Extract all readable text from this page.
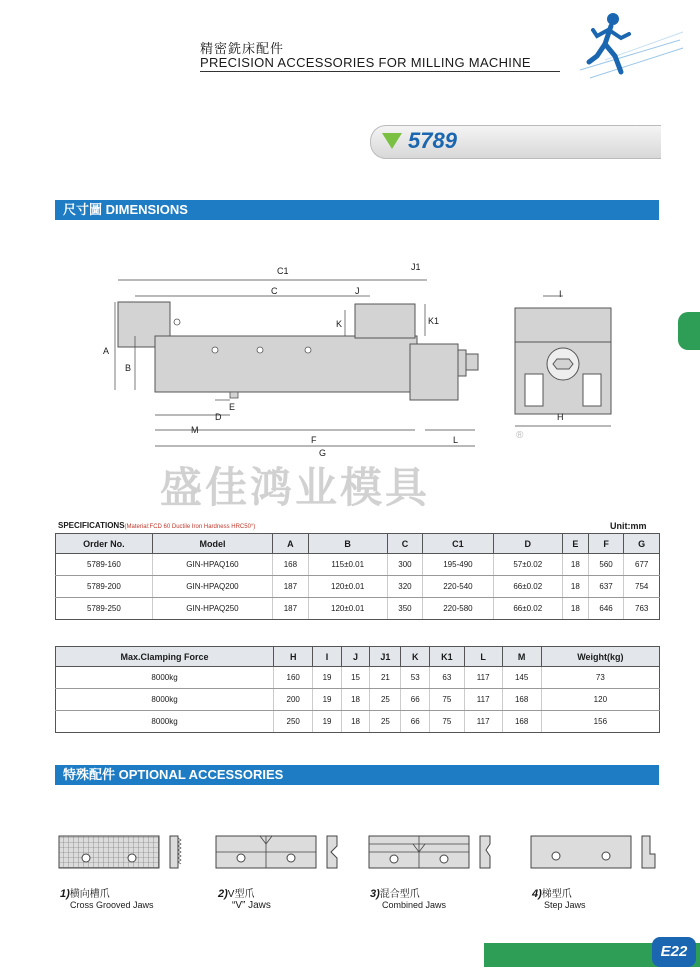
精密銑床配件
PRECISION ACCESSORIES FOR MILLING MACHINE
5789
尺寸圖 DIMENSIONS
C1	J1
C	J
K	K1
A
B
D
E
M
F
G
L
I
H
盛佳鸿业模具
®
SPECIFICATIONS(Material:FCD 60 Ductile Iron Hardness HRC50°)	Unit:mm
Order No.	Model	A	B	C	C1	D	E	F	G
5789-160	GIN-HPAQ160	168	115±0.01	300	195-490	57±0.02	18	560	677
5789-200	GIN-HPAQ200	187	120±0.01	320	220-540	66±0.02	18	637	754
5789-250	GIN-HPAQ250	187	120±0.01	350	220-580	66±0.02	18	646	763
Max.Clamping Force	H	I	J	J1	K	K1	L	M	Weight(kg)
8000kg	160	19	15	21	53	63	117	145	73
8000kg	200	19	18	25	66	75	117	168	120
8000kg	250	19	18	25	66	75	117	168	156
特殊配件 OPTIONAL ACCESSORIES
1)横向槽爪
Cross Grooved Jaws
2)V型爪
“V” Jaws
3)混合型爪
Combined Jaws
4)梯型爪
Step Jaws
E22
